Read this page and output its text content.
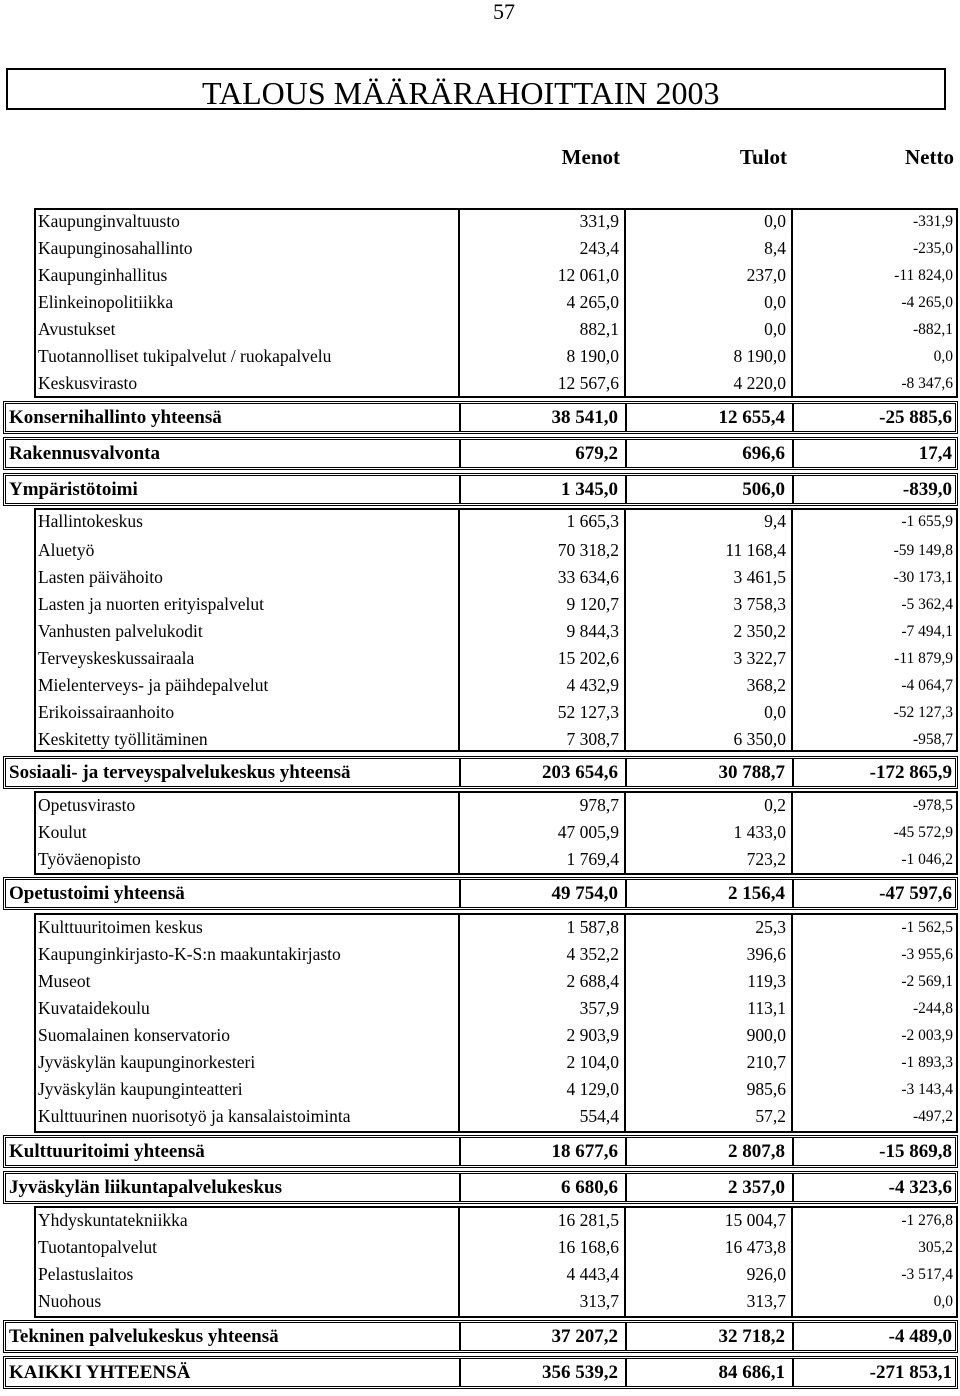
57
TALOUS MÄÄRÄRAHOITTAIN 2003
Menot	Tulot	Netto
Kaupunginvaltuusto	331,9	0,0	-331,9
Kaupunginosahallinto	243,4	8,4	-235,0
Kaupunginhallitus	12 061,0	237,0	-11 824,0
Elinkeinopolitiikka	4 265,0	0,0	-4 265,0
Avustukset	882,1	0,0	-882,1
Tuotannolliset tukipalvelut / ruokapalvelu	8 190,0	8 190,0	0,0
Keskusvirasto	12 567,6	4 220,0	-8 347,6
Konsernihallinto yhteensä	38 541,0	12 655,4	-25 885,6
Rakennusvalvonta	679,2	696,6	17,4
Ympäristötoimi	1 345,0	506,0	-839,0
Hallintokeskus	1 665,3	9,4	-1 655,9
Aluetyö	70 318,2	11 168,4	-59 149,8
Lasten päivähoito	33 634,6	3 461,5	-30 173,1
Lasten ja nuorten erityispalvelut	9 120,7	3 758,3	-5 362,4
Vanhusten palvelukodit	9 844,3	2 350,2	-7 494,1
Terveyskeskussairaala	15 202,6	3 322,7	-11 879,9
Mielenterveys- ja päihdepalvelut	4 432,9	368,2	-4 064,7
Erikoissairaanhoito	52 127,3	0,0	-52 127,3
Keskitetty työllitäminen	7 308,7	6 350,0	-958,7
Sosiaali- ja terveyspalvelukeskus yhteensä	203 654,6	30 788,7	-172 865,9
Opetusvirasto	978,7	0,2	-978,5
Koulut	47 005,9	1 433,0	-45 572,9
Työväenopisto	1 769,4	723,2	-1 046,2
Opetustoimi yhteensä	49 754,0	2 156,4	-47 597,6
Kulttuuritoimen keskus	1 587,8	25,3	-1 562,5
Kaupunginkirjasto-K-S:n maakuntakirjasto	4 352,2	396,6	-3 955,6
Museot	2 688,4	119,3	-2 569,1
Kuvataidekoulu	357,9	113,1	-244,8
Suomalainen konservatorio	2 903,9	900,0	-2 003,9
Jyväskylän kaupunginorkesteri	2 104,0	210,7	-1 893,3
Jyväskylän kaupunginteatteri	4 129,0	985,6	-3 143,4
Kulttuurinen nuorisotyö ja kansalaistoiminta	554,4	57,2	-497,2
Kulttuuritoimi yhteensä	18 677,6	2 807,8	-15 869,8
Jyväskylän liikuntapalvelukeskus	6 680,6	2 357,0	-4 323,6
Yhdyskuntatekniikka	16 281,5	15 004,7	-1 276,8
Tuotantopalvelut	16 168,6	16 473,8	305,2
Pelastuslaitos	4 443,4	926,0	-3 517,4
Nuohous	313,7	313,7	0,0
Tekninen palvelukeskus yhteensä	37 207,2	32 718,2	-4 489,0
KAIKKI YHTEENSÄ	356 539,2	84 686,1	-271 853,1
